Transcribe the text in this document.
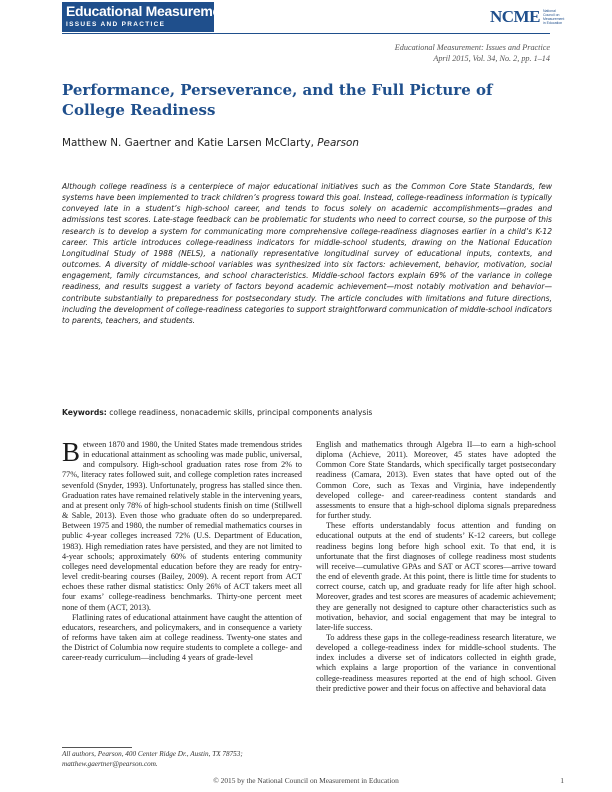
Educational Measurement
ISSUES AND PRACTICE	NCME National Council on Measurement in Education
Educational Measurement: Issues and Practice
April 2015, Vol. 34, No. 2, pp. 1–14
Performance, Perseverance, and the Full Picture of College Readiness
Matthew N. Gaertner and Katie Larsen McClarty, Pearson
Although college readiness is a centerpiece of major educational initiatives such as the Common Core State Standards, few systems have been implemented to track children’s progress toward this goal. Instead, college-readiness information is typically conveyed late in a student’s high-school career, and tends to focus solely on academic accomplishments—grades and admissions test scores. Late-stage feedback can be problematic for students who need to correct course, so the purpose of this research is to develop a system for communicating more comprehensive college-readiness diagnoses earlier in a child’s K-12 career. This article introduces college-readiness indicators for middle-school students, drawing on the National Education Longitudinal Study of 1988 (NELS), a nationally representative longitudinal survey of educational inputs, contexts, and outcomes. A diversity of middle-school variables was synthesized into six factors: achievement, behavior, motivation, social engagement, family circumstances, and school characteristics. Middle-school factors explain 69% of the variance in college readiness, and results suggest a variety of factors beyond academic achievement—most notably motivation and behavior—contribute substantially to preparedness for postsecondary study. The article concludes with limitations and future directions, including the development of college-readiness categories to support straightforward communication of middle-school indicators to parents, teachers, and students.
Keywords: college readiness, nonacademic skills, principal components analysis

Between 1870 and 1980, the United States made tremendous strides in educational attainment as schooling was made public, universal, and compulsory. High-school graduation rates rose from 2% to 77%, literacy rates followed suit, and college completion rates increased sevenfold (Snyder, 1993). Unfortunately, progress has stalled since then. Graduation rates have remained relatively stable in the intervening years, and at present only 78% of high-school students finish on time (Stillwell & Sable, 2013). Even those who graduate often do so underprepared. Between 1975 and 1980, the number of remedial mathematics courses in public 4-year colleges increased 72% (U.S. Department of Education, 1983). High remediation rates have persisted, and they are not limited to 4-year schools; approximately 60% of students entering community colleges need developmental education before they are ready for entry-level credit-bearing courses (Bailey, 2009). A recent report from ACT echoes these rather dismal statistics: Only 26% of ACT takers meet all four exams’ college-readiness benchmarks. Thirty-one percent meet none of them (ACT, 2013).

Flatlining rates of educational attainment have caught the attention of educators, researchers, and policymakers, and in consequence a variety of reforms have taken aim at college readiness. Twenty-one states and the District of Columbia now require students to complete a college- and career-ready curriculum—including 4 years of grade-level

English and mathematics through Algebra II—to earn a high-school diploma (Achieve, 2011). Moreover, 45 states have adopted the Common Core State Standards, which specifically target postsecondary readiness (Camara, 2013). Even states that have opted out of the Common Core, such as Texas and Virginia, have independently developed college- and career-readiness content standards and assessments to ensure that a high-school diploma signals preparedness for further study.

These efforts understandably focus attention and funding on educational outputs at the end of students’ K-12 careers, but college readiness begins long before high school exit. To that end, it is unfortunate that the first diagnoses of college readiness most students will receive—cumulative GPAs and SAT or ACT scores—arrive toward the end of eleventh grade. At this point, there is little time for students to correct course, catch up, and graduate ready for life after high school. Moreover, grades and test scores are measures of academic achievement; they are generally not designed to capture other characteristics such as motivation, behavior, and social engagement that may be integral to later-life success.

To address these gaps in the college-readiness research literature, we developed a college-readiness index for middle-school students. The index includes a diverse set of indicators collected in eighth grade, which explains a large proportion of the variance in conventional college-readiness measures reported at the end of high school. Given their predictive power and their focus on affective and behavioral data

All authors, Pearson, 400 Center Ridge Dr., Austin, TX 78753; matthew.gaertner@pearson.com.
© 2015 by the National Council on Measurement in Education	1
